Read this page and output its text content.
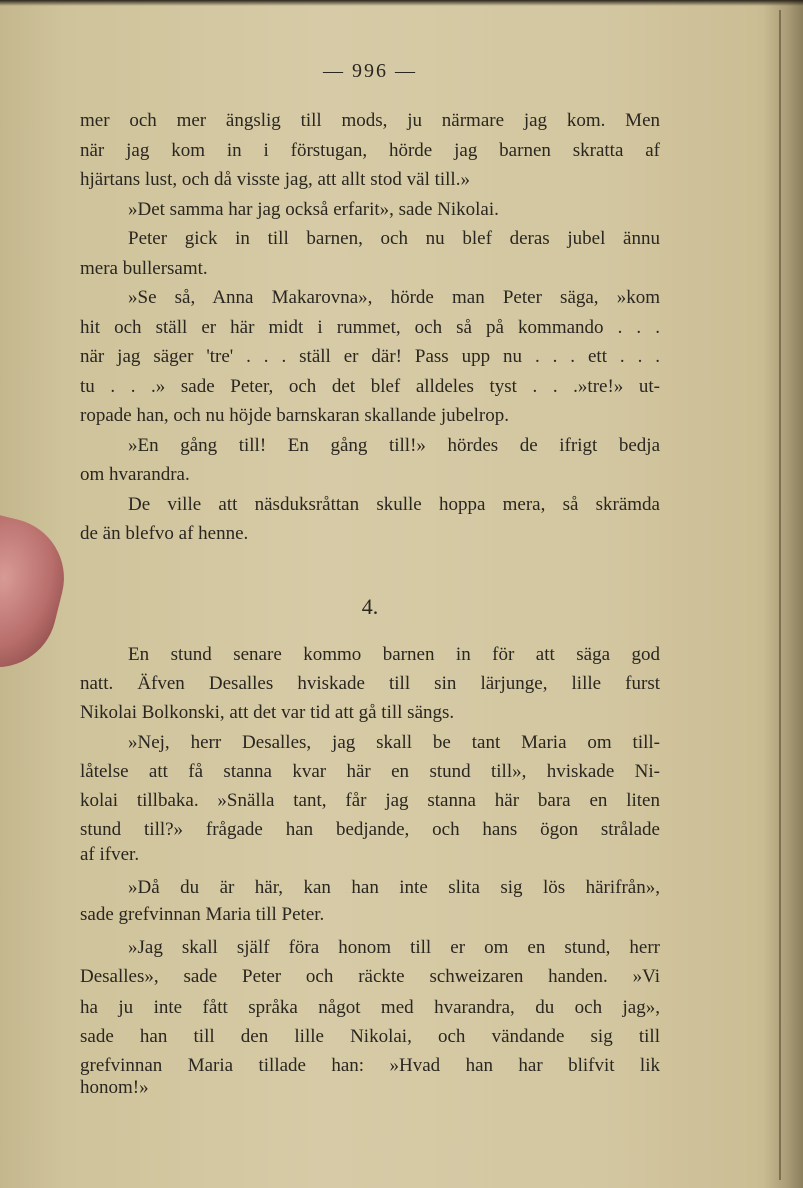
— 996 —
mer och mer ängslig till mods, ju närmare jag kom. Men
när jag kom in i förstugan, hörde jag barnen skratta af
hjärtans lust, och då visste jag, att allt stod väl till.»
»Det samma har jag också erfarit», sade Nikolai.
Peter gick in till barnen, och nu blef deras jubel ännu
mera bullersamt.
»Se så, Anna Makarovna», hörde man Peter säga, »kom
hit och ställ er här midt i rummet, och så på kommando . . .
när jag säger 'tre' . . . ställ er där! Pass upp nu . . . ett . . .
tu . . .» sade Peter, och det blef alldeles tyst . . .»tre!» ut-
ropade han, och nu höjde barnskaran skallande jubelrop.
»En gång till! En gång till!» hördes de ifrigt bedja
om hvarandra.
De ville att näsduksråttan skulle hoppa mera, så skrämda
de än blefvo af henne.
En stund senare kommo barnen in för att säga god
natt. Äfven Desalles hviskade till sin lärjunge, lille furst
Nikolai Bolkonski, att det var tid att gå till sängs.
»Nej, herr Desalles, jag skall be tant Maria om till-
låtelse att få stanna kvar här en stund till», hviskade Ni-
kolai tillbaka. »Snälla tant, får jag stanna här bara en liten
stund till?» frågade han bedjande, och hans ögon strålade
af ifver.
»Då du är här, kan han inte slita sig lös härifrån»,
sade grefvinnan Maria till Peter.
»Jag skall själf föra honom till er om en stund, herr
Desalles», sade Peter och räckte schweizaren handen. »Vi
ha ju inte fått språka något med hvarandra, du och jag»,
sade han till den lille Nikolai, och vändande sig till
grefvinnan Maria tillade han: »Hvad han har blifvit lik
honom!»
4.
